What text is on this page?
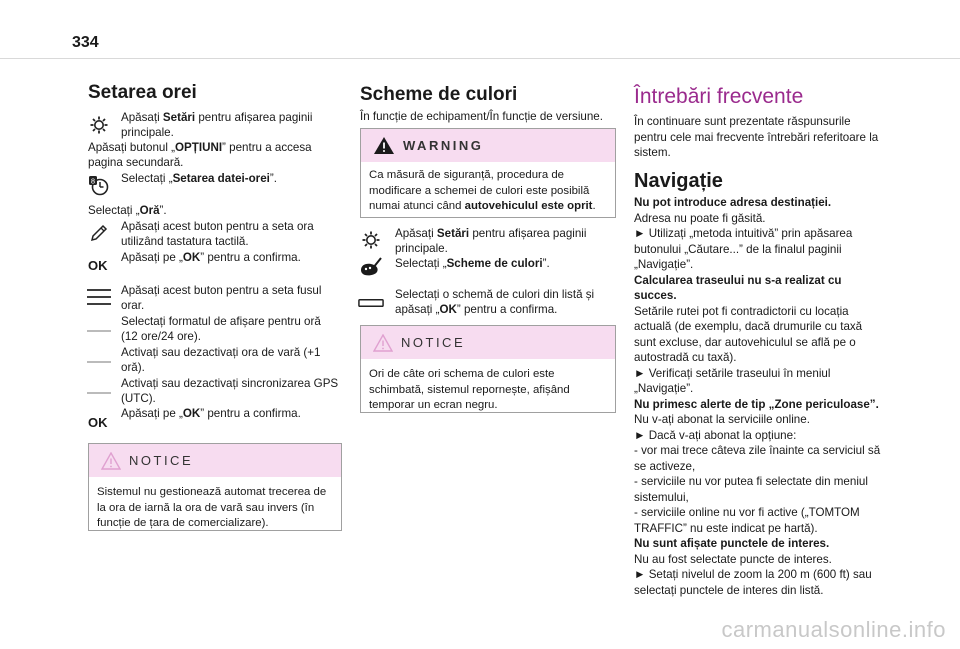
334
Setarea orei
Apăsați Setări pentru afișarea paginii
principale.
Apăsați butonul „OPȚIUNI” pentru a accesa
pagina secundară.
8 Selectați „Setarea datei-orei”.
Selectați „Oră”.
Apăsați acest buton pentru a seta ora
utilizând tastatura tactilă.
OK
Apăsați pe „OK” pentru a confirma.
Apăsați acest buton pentru a seta fusul
orar.
Selectați formatul de afișare pentru oră
(12 ore/24 ore).
Activați sau dezactivați ora de vară (+1
oră).
Activați sau dezactivați sincronizarea GPS
(UTC).
OK
Apăsați pe „OK” pentru a confirma.
NOTICE
Sistemul nu gestionează automat trecerea de
la ora de iarnă la ora de vară sau invers (în
funcție de țara de comercializare).
Scheme de culori
În funcție de echipament/În funcție de versiune.
WARNING
Ca măsură de siguranță, procedura de
modificare a schemei de culori este posibilă
numai atunci când autovehiculul este oprit.
Apăsați Setări pentru afișarea paginii
principale.
Selectați „Scheme de culori”.
Selectați o schemă de culori din listă și
apăsați „OK” pentru a confirma.
NOTICE
Ori de câte ori schema de culori este
schimbată, sistemul repornește, afișând
temporar un ecran negru.
Întrebări frecvente
În continuare sunt prezentate răspunsurile
pentru cele mai frecvente întrebări referitoare la
sistem.
Navigație
Nu pot introduce adresa destinației.
Adresa nu poate fi găsită.
► Utilizați „metoda intuitivă” prin apăsarea
butonului „Căutare...” de la finalul paginii
„Navigație”.
Calcularea traseului nu s-a realizat cu
succes.
Setările rutei pot fi contradictorii cu locația
actuală (de exemplu, dacă drumurile cu taxă
sunt excluse, dar autovehiculul se află pe o
autostradă cu taxă).
► Verificați setările traseului în meniul
„Navigație”.
Nu primesc alerte de tip „Zone periculoase”.
Nu v-ați abonat la serviciile online.
► Dacă v-ați abonat la opțiune:
- vor mai trece câteva zile înainte ca serviciul să
se activeze,
- serviciile nu vor putea fi selectate din meniul
sistemului,
- serviciile online nu vor fi active („TOMTOM
TRAFFIC” nu este indicat pe hartă).
Nu sunt afișate punctele de interes.
Nu au fost selectate puncte de interes.
► Setați nivelul de zoom la 200 m (600 ft) sau
selectați punctele de interes din listă.
carmanualsonline.info
